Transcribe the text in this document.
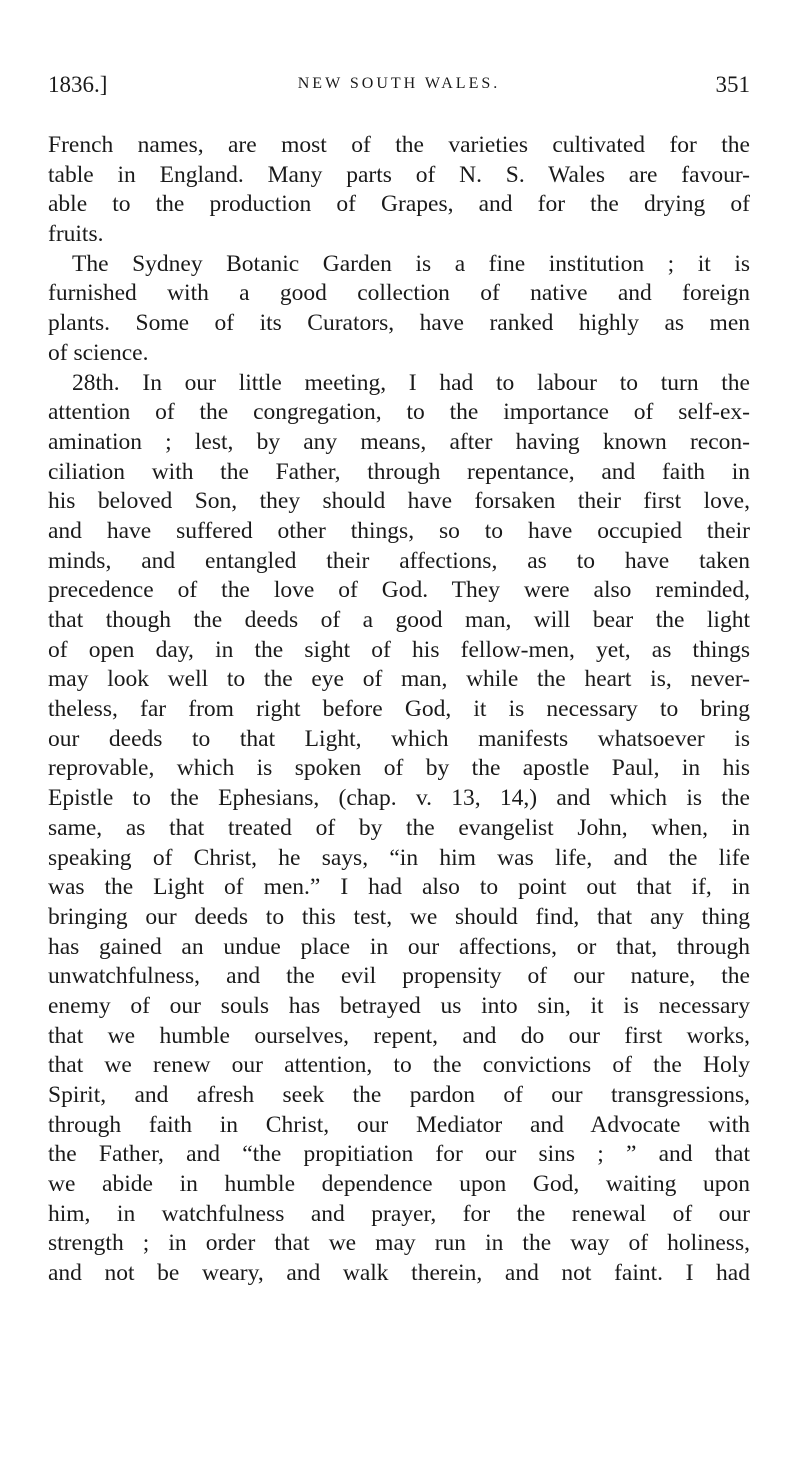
1836.]	NEW SOUTH WALES.	351
French names, are most of the varieties cultivated for the
table in England. Many parts of N. S. Wales are favour-
able to the production of Grapes, and for the drying of
fruits.
The Sydney Botanic Garden is a fine institution ; it is
furnished with a good collection of native and foreign
plants. Some of its Curators, have ranked highly as men
of science.
28th. In our little meeting, I had to labour to turn the
attention of the congregation, to the importance of self-ex-
amination ; lest, by any means, after having known recon-
ciliation with the Father, through repentance, and faith in
his beloved Son, they should have forsaken their first love,
and have suffered other things, so to have occupied their
minds, and entangled their affections, as to have taken
precedence of the love of God. They were also reminded,
that though the deeds of a good man, will bear the light
of open day, in the sight of his fellow-men, yet, as things
may look well to the eye of man, while the heart is, never-
theless, far from right before God, it is necessary to bring
our deeds to that Light, which manifests whatsoever is
reprovable, which is spoken of by the apostle Paul, in his
Epistle to the Ephesians, (chap. v. 13, 14,) and which is the
same, as that treated of by the evangelist John, when, in
speaking of Christ, he says, “in him was life, and the life
was the Light of men.” I had also to point out that if, in
bringing our deeds to this test, we should find, that any thing
has gained an undue place in our affections, or that, through
unwatchfulness, and the evil propensity of our nature, the
enemy of our souls has betrayed us into sin, it is necessary
that we humble ourselves, repent, and do our first works,
that we renew our attention, to the convictions of the Holy
Spirit, and afresh seek the pardon of our transgressions,
through faith in Christ, our Mediator and Advocate with
the Father, and “the propitiation for our sins ; ” and that
we abide in humble dependence upon God, waiting upon
him, in watchfulness and prayer, for the renewal of our
strength ; in order that we may run in the way of holiness,
and not be weary, and walk therein, and not faint. I had
